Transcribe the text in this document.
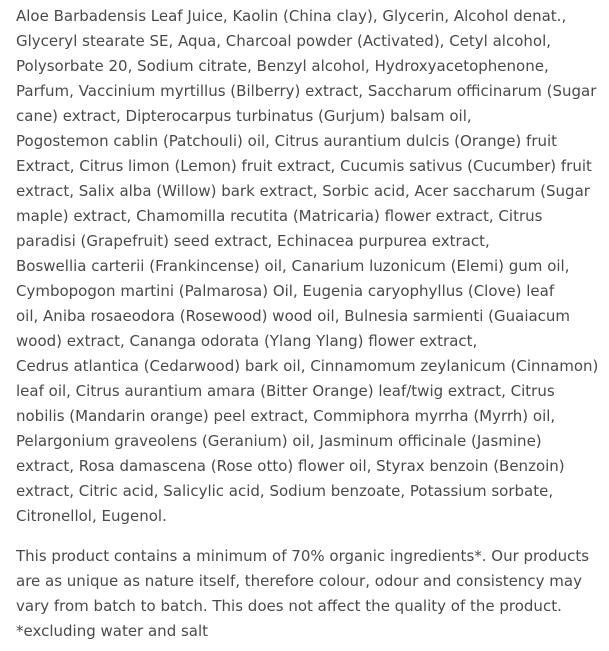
Aloe Barbadensis Leaf Juice, Kaolin (China clay), Glycerin, Alcohol denat.,
Glyceryl stearate SE, Aqua, Charcoal powder (Activated), Cetyl alcohol,
Polysorbate 20, Sodium citrate, Benzyl alcohol, Hydroxyacetophenone,
Parfum, Vaccinium myrtillus (Bilberry) extract, Saccharum officinarum (Sugar
cane) extract, Dipterocarpus turbinatus (Gurjum) balsam oil,
Pogostemon cablin (Patchouli) oil, Citrus aurantium dulcis (Orange) fruit
Extract, Citrus limon (Lemon) fruit extract, Cucumis sativus (Cucumber) fruit
extract, Salix alba (Willow) bark extract, Sorbic acid, Acer saccharum (Sugar
maple) extract, Chamomilla recutita (Matricaria) flower extract, Citrus
paradisi (Grapefruit) seed extract, Echinacea purpurea extract,
Boswellia carterii (Frankincense) oil, Canarium luzonicum (Elemi) gum oil,
Cymbopogon martini (Palmarosa) Oil, Eugenia caryophyllus (Clove) leaf
oil, Aniba rosaeodora (Rosewood) wood oil, Bulnesia sarmienti (Guaiacum
wood) extract, Cananga odorata (Ylang Ylang) flower extract,
Cedrus atlantica (Cedarwood) bark oil, Cinnamomum zeylanicum (Cinnamon)
leaf oil, Citrus aurantium amara (Bitter Orange) leaf/twig extract, Citrus
nobilis (Mandarin orange) peel extract, Commiphora myrrha (Myrrh) oil,
Pelargonium graveolens (Geranium) oil, Jasminum officinale (Jasmine)
extract, Rosa damascena (Rose otto) flower oil, Styrax benzoin (Benzoin)
extract, Citric acid, Salicylic acid, Sodium benzoate, Potassium sorbate,
Citronellol, Eugenol.

This product contains a minimum of 70% organic ingredients*. Our products
are as unique as nature itself, therefore colour, odour and consistency may
vary from batch to batch. This does not affect the quality of the product.
*excluding water and salt
